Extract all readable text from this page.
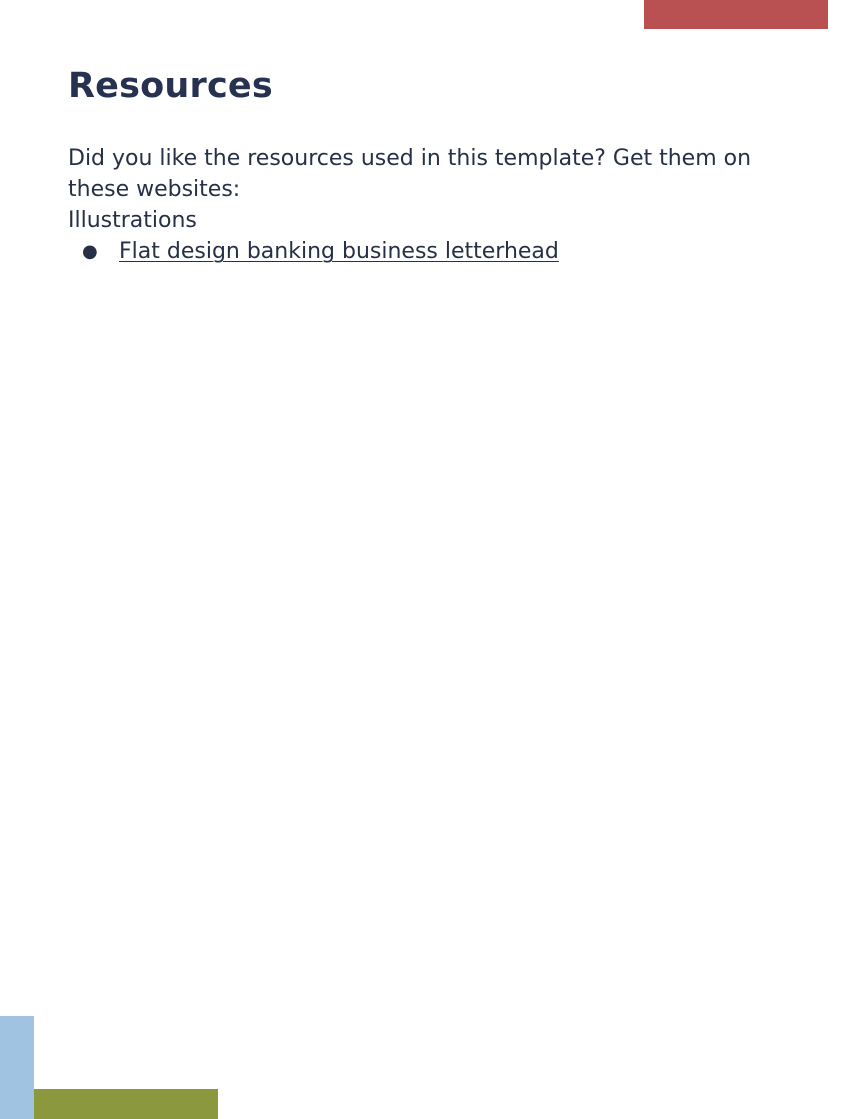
Resources

Did you like the resources used in this template? Get them on these websites:

Illustrations

● Flat design banking business letterhead
